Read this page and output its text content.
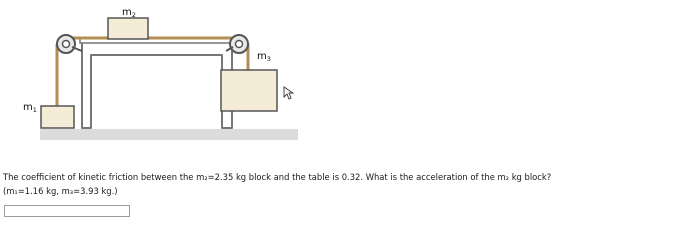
$m_2$
$m_1$
$m_3$

The coefficient of kinetic friction between the m₂=2.35 kg block and the table is 0.32. What is the acceleration of the m₂ kg block?

(m₁=1.16 kg, m₃=3.93 kg.)
